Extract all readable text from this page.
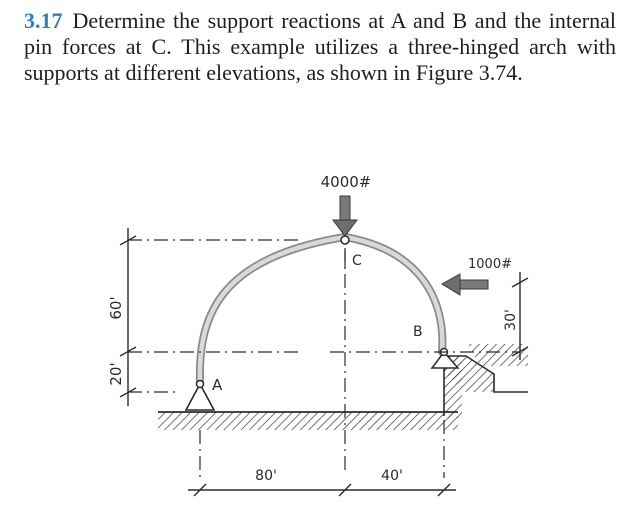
3.17 Determine the support reactions at A and B and the internal pin forces at C. This example utilizes a three-hinged arch with supports at different elevations, as shown in Figure 3.74.

60'
20'
30'
80'	40'
4000#
1000#
A
B
C
